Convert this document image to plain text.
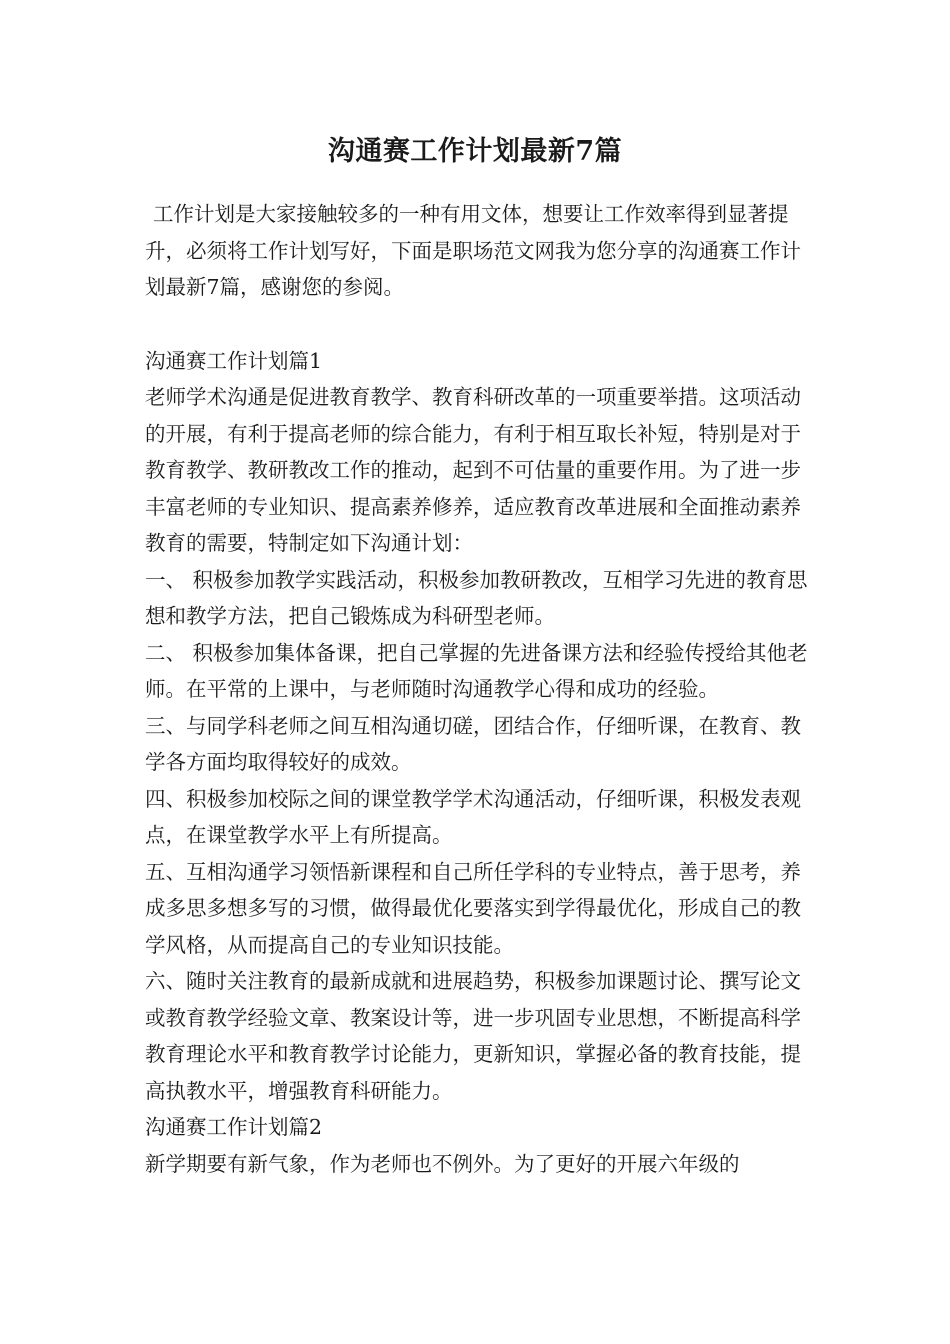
沟通赛工作计划最新7篇

工作计划是大家接触较多的一种有用文体，想要让工作效率得到显著提升，必须将工作计划写好，下面是职场范文网我为您分享的沟通赛工作计划最新7篇，感谢您的参阅。

沟通赛工作计划篇1

老师学术沟通是促进教育教学、教育科研改革的一项重要举措。这项活动的开展，有利于提高老师的综合能力，有利于相互取长补短，特别是对于教育教学、教研教改工作的推动，起到不可估量的重要作用。为了进一步丰富老师的专业知识、提高素养修养，适应教育改革进展和全面推动素养教育的需要，特制定如下沟通计划：

一、 积极参加教学实践活动，积极参加教研教改，互相学习先进的教育思想和教学方法，把自己锻炼成为科研型老师。

二、 积极参加集体备课，把自己掌握的先进备课方法和经验传授给其他老师。在平常的上课中，与老师随时沟通教学心得和成功的经验。

三、与同学科老师之间互相沟通切磋，团结合作，仔细听课，在教育、教学各方面均取得较好的成效。

四、积极参加校际之间的课堂教学学术沟通活动，仔细听课，积极发表观点，在课堂教学水平上有所提高。

五、互相沟通学习领悟新课程和自己所任学科的专业特点，善于思考，养成多思多想多写的习惯，做得最优化要落实到学得最优化，形成自己的教学风格，从而提高自己的专业知识技能。

六、随时关注教育的最新成就和进展趋势，积极参加课题讨论、撰写论文或教育教学经验文章、教案设计等，进一步巩固专业思想，不断提高科学教育理论水平和教育教学讨论能力，更新知识，掌握必备的教育技能，提高执教水平，增强教育科研能力。

沟通赛工作计划篇2

新学期要有新气象，作为老师也不例外。为了更好的开展六年级的
